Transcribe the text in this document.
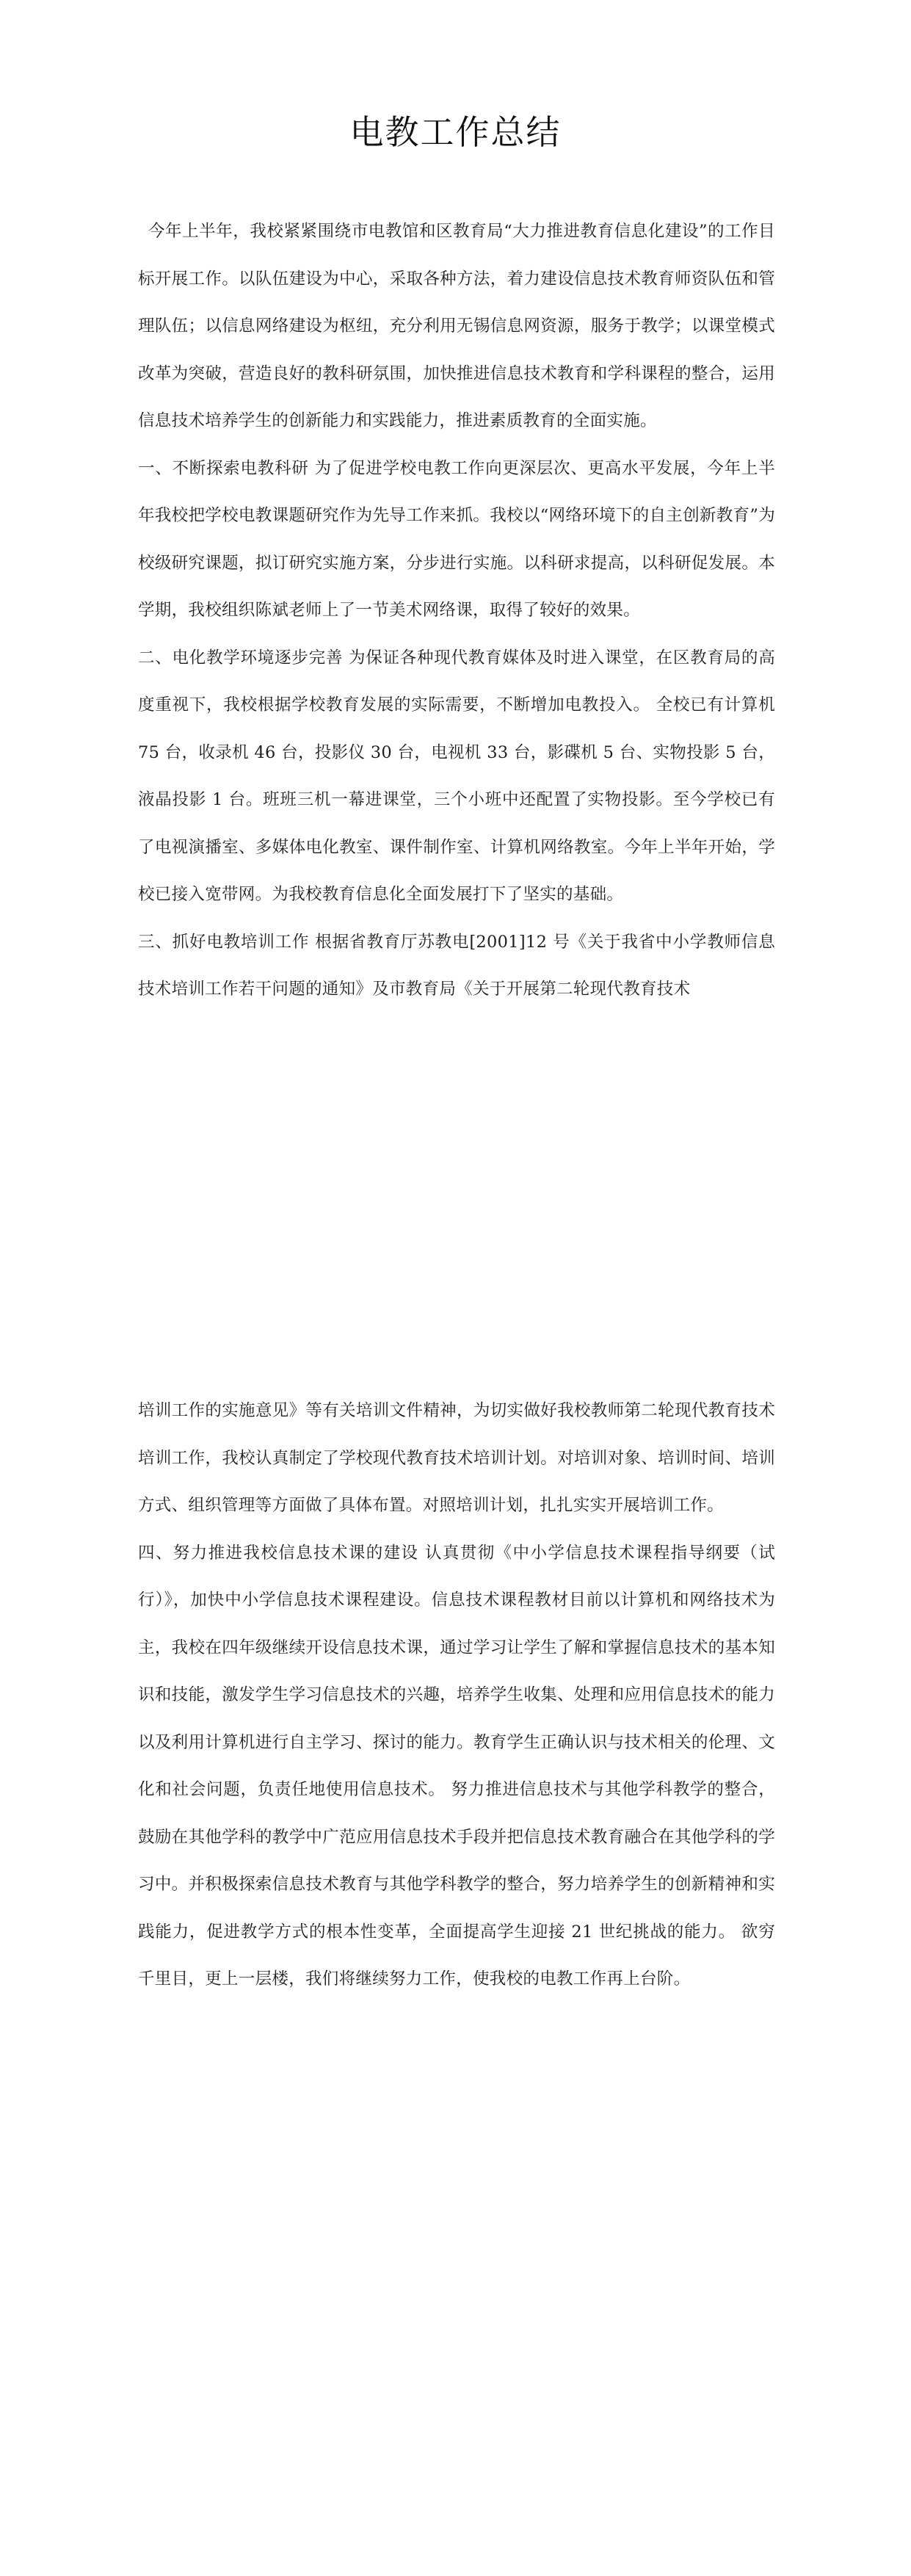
电教工作总结

今年上半年，我校紧紧围绕市电教馆和区教育局“大力推进教育信息化建设”的工作目标开展工作。以队伍建设为中心，采取各种方法，着力建设信息技术教育师资队伍和管理队伍；以信息网络建设为枢纽，充分利用无锡信息网资源，服务于教学；以课堂模式改革为突破，营造良好的教科研氛围，加快推进信息技术教育和学科课程的整合，运用信息技术培养学生的创新能力和实践能力，推进素质教育的全面实施。

一、不断探索电教科研 为了促进学校电教工作向更深层次、更高水平发展，今年上半年我校把学校电教课题研究作为先导工作来抓。我校以“网络环境下的自主创新教育”为校级研究课题，拟订研究实施方案，分步进行实施。以科研求提高，以科研促发展。本学期，我校组织陈斌老师上了一节美术网络课，取得了较好的效果。

二、电化教学环境逐步完善 为保证各种现代教育媒体及时进入课堂，在区教育局的高度重视下，我校根据学校教育发展的实际需要，不断增加电教投入。 全校已有计算机 75 台，收录机 46 台，投影仪 30 台，电视机 33 台，影碟机 5 台、实物投影 5 台，液晶投影 1 台。班班三机一幕进课堂，三个小班中还配置了实物投影。至今学校已有了电视演播室、多媒体电化教室、课件制作室、计算机网络教室。今年上半年开始，学校已接入宽带网。为我校教育信息化全面发展打下了坚实的基础。

三、抓好电教培训工作 根据省教育厅苏教电[2001]12 号《关于我省中小学教师信息技术培训工作若干问题的通知》及市教育局《关于开展第二轮现代教育技术

培训工作的实施意见》等有关培训文件精神，为切实做好我校教师第二轮现代教育技术培训工作，我校认真制定了学校现代教育技术培训计划。对培训对象、培训时间、培训方式、组织管理等方面做了具体布置。对照培训计划，扎扎实实开展培训工作。

四、努力推进我校信息技术课的建设 认真贯彻《中小学信息技术课程指导纲要（试行）》，加快中小学信息技术课程建设。信息技术课程教材目前以计算机和网络技术为主，我校在四年级继续开设信息技术课，通过学习让学生了解和掌握信息技术的基本知识和技能，激发学生学习信息技术的兴趣，培养学生收集、处理和应用信息技术的能力以及利用计算机进行自主学习、探讨的能力。教育学生正确认识与技术相关的伦理、文化和社会问题，负责任地使用信息技术。 努力推进信息技术与其他学科教学的整合，鼓励在其他学科的教学中广范应用信息技术手段并把信息技术教育融合在其他学科的学习中。并积极探索信息技术教育与其他学科教学的整合，努力培养学生的创新精神和实践能力，促进教学方式的根本性变革，全面提高学生迎接 21 世纪挑战的能力。 欲穷千里目，更上一层楼，我们将继续努力工作，使我校的电教工作再上台阶。
